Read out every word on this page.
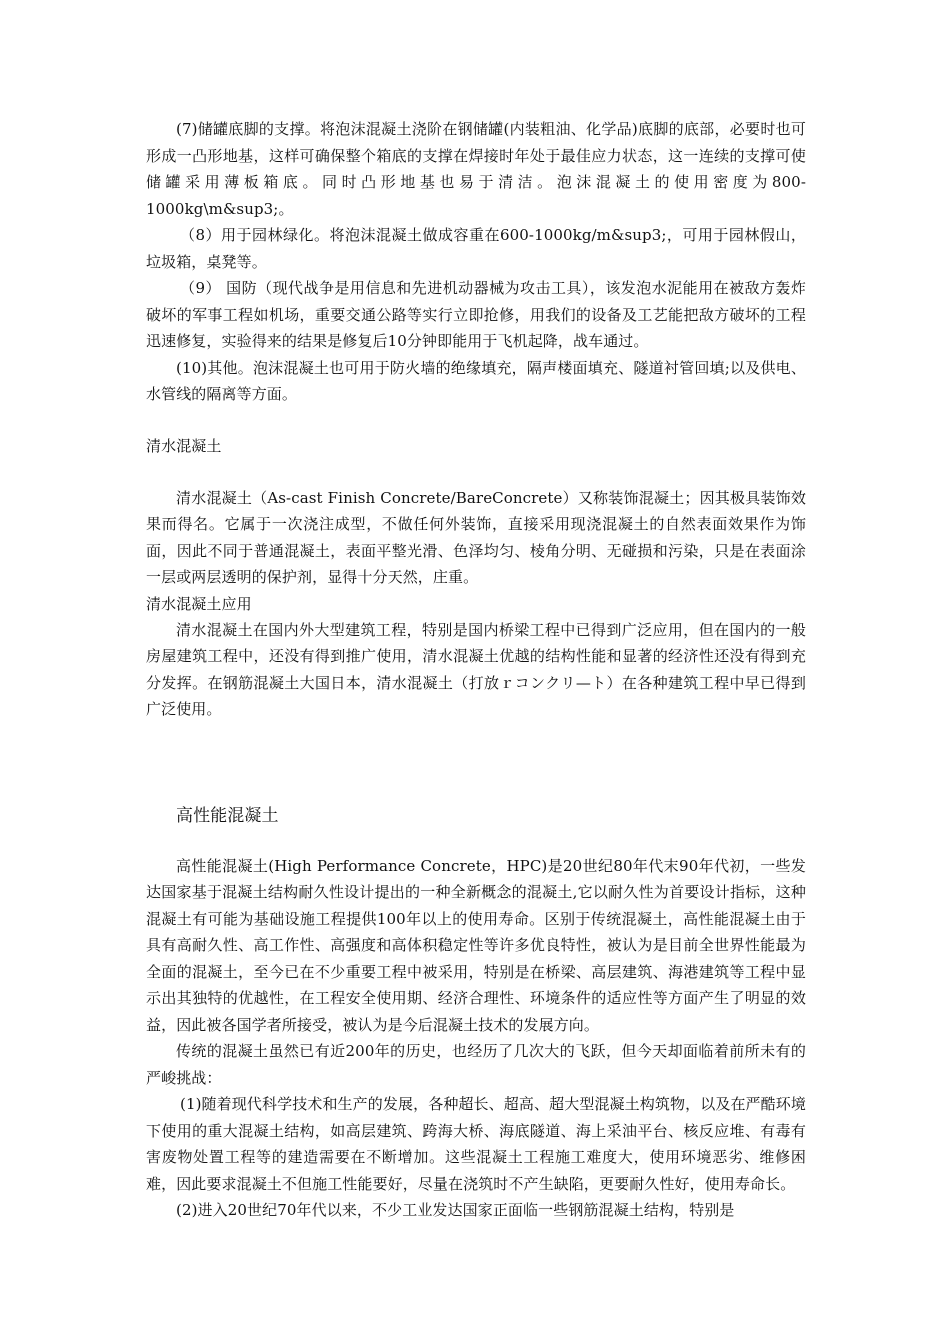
(7)储罐底脚的支撑。将泡沫混凝土浇阶在钢储罐(内装粗油、化学品)底脚的底部，必要时也可形成一凸形地基，这样可确保整个箱底的支撑在焊接时年处于最佳应力状态，这一连续的支撑可使储罐采用薄板箱底。同时凸形地基也易于清洁。泡沫混凝土的使用密度为800-1000kg\m&sup3;。

（8）用于园林绿化。将泡沫混凝土做成容重在600-1000kg/m&sup3;，可用于园林假山，垃圾箱，桌凳等。

（9） 国防（现代战争是用信息和先进机动器械为攻击工具），该发泡水泥能用在被敌方轰炸破坏的军事工程如机场，重要交通公路等实行立即抢修，用我们的设备及工艺能把敌方破坏的工程迅速修复，实验得来的结果是修复后10分钟即能用于飞机起降，战车通过。

(10)其他。泡沫混凝土也可用于防火墙的绝缘填充，隔声楼面填充、隧道衬管回填;以及供电、水管线的隔离等方面。

清水混凝土

清水混凝土（As-cast Finish Concrete/BareConcrete）又称装饰混凝土；因其极具装饰效果而得名。它属于一次浇注成型，不做任何外装饰，直接采用现浇混凝土的自然表面效果作为饰面，因此不同于普通混凝土，表面平整光滑、色泽均匀、棱角分明、无碰损和污染，只是在表面涂一层或两层透明的保护剂，显得十分天然，庄重。

清水混凝土应用

清水混凝土在国内外大型建筑工程，特别是国内桥梁工程中已得到广泛应用，但在国内的一般房屋建筑工程中，还没有得到推广使用，清水混凝土优越的结构性能和显著的经济性还没有得到充分发挥。在钢筋混凝土大国日本，清水混凝土（打放ｒコンクリ—ト）在各种建筑工程中早已得到广泛使用。

高性能混凝土

高性能混凝土(High Performance Concrete，HPC)是20世纪80年代末90年代初，一些发达国家基于混凝土结构耐久性设计提出的一种全新概念的混凝土,它以耐久性为首要设计指标，这种混凝土有可能为基础设施工程提供100年以上的使用寿命。区别于传统混凝土，高性能混凝土由于具有高耐久性、高工作性、高强度和高体积稳定性等许多优良特性，被认为是目前全世界性能最为全面的混凝土，至今已在不少重要工程中被采用，特别是在桥梁、高层建筑、海港建筑等工程中显示出其独特的优越性，在工程安全使用期、经济合理性、环境条件的适应性等方面产生了明显的效益，因此被各国学者所接受，被认为是今后混凝土技术的发展方向。

传统的混凝土虽然已有近200年的历史，也经历了几次大的飞跃，但今天却面临着前所未有的严峻挑战：

(1)随着现代科学技术和生产的发展，各种超长、超高、超大型混凝土构筑物，以及在严酷环境下使用的重大混凝土结构，如高层建筑、跨海大桥、海底隧道、海上采油平台、核反应堆、有毒有害废物处置工程等的建造需要在不断增加。这些混凝土工程施工难度大，使用环境恶劣、维修困难，因此要求混凝土不但施工性能要好，尽量在浇筑时不产生缺陷，更要耐久性好，使用寿命长。

(2)进入20世纪70年代以来，不少工业发达国家正面临一些钢筋混凝土结构，特别是
